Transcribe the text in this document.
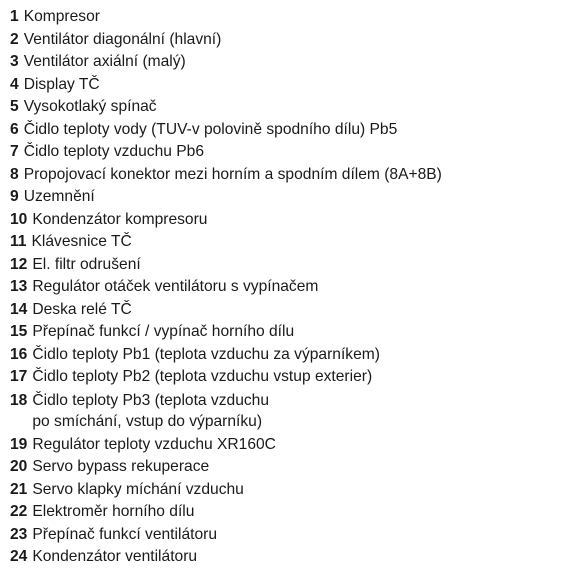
1 Kompresor
2 Ventilátor diagonální (hlavní)
3 Ventilátor axiální (malý)
4 Display TČ
5 Vysokotlaký spínač
6 Čidlo teploty vody (TUV-v polovině spodního dílu) Pb5
7 Čidlo teploty vzduchu Pb6
8 Propojovací konektor mezi horním a spodním dílem (8A+8B)
9 Uzemnění
10 Kondenzátor kompresoru
11 Klávesnice TČ
12 El. filtr odrušení
13 Regulátor otáček ventilátoru s vypínačem
14 Deska relé TČ
15 Přepínač funkcí / vypínač horního dílu
16 Čidlo teploty Pb1 (teplota vzduchu za výparníkem)
17 Čidlo teploty Pb2 (teplota vzduchu vstup exterier)
18 Čidlo teploty Pb3 (teplota vzduchu
po smíchání, vstup do výparníku)
19 Regulátor teploty vzduchu XR160C
20 Servo bypass rekuperace
21 Servo klapky míchání vzduchu
22 Elektroměr horního dílu
23 Přepínač funkcí ventilátoru
24 Kondenzátor ventilátoru
